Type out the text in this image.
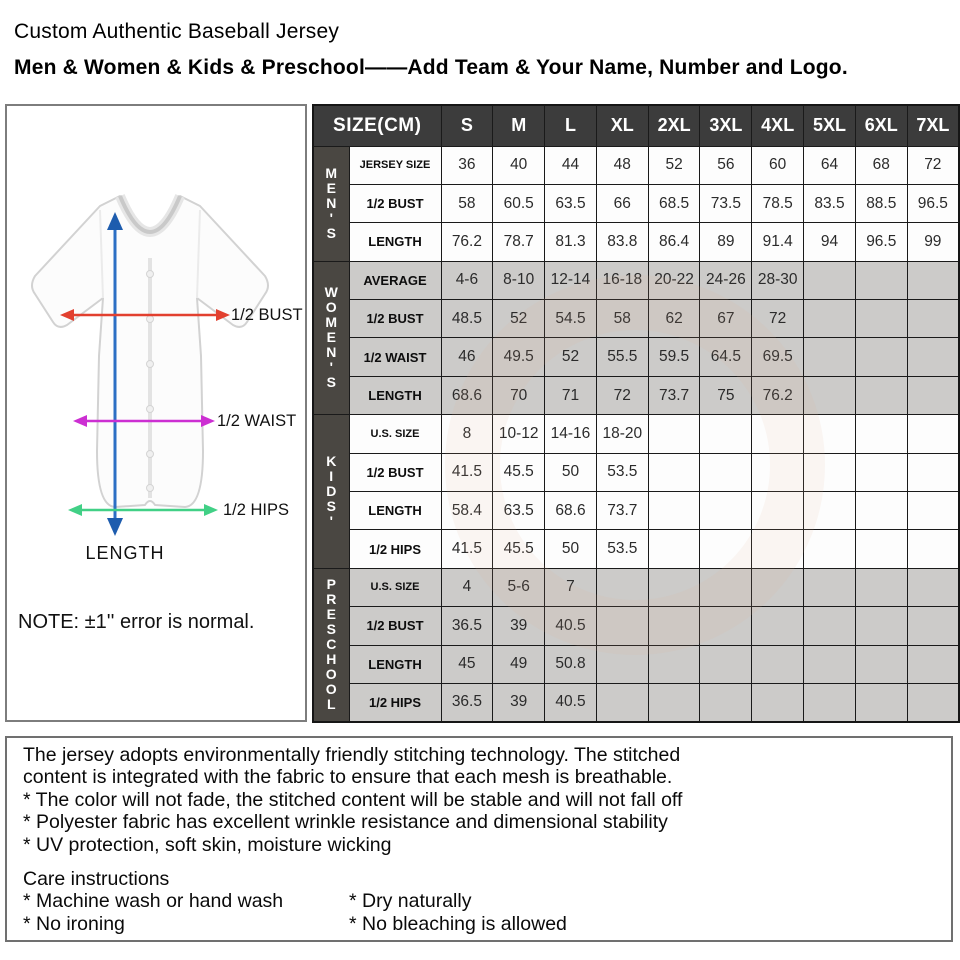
Custom Authentic Baseball Jersey
Men & Women & Kids & Preschool——Add Team & Your Name, Number and Logo.
1/2 BUST
1/2 WAIST
1/2 HIPS
LENGTH
NOTE: ±1'' error is normal.
SIZE(CM)		S	M	L	XL	2XL	3XL	4XL	5XL	6XL	7XL
M
E
N
'
S	JERSEY SIZE	36	40	44	48	52	56	60	64	68	72
	1/2 BUST	58	60.5	63.5	66	68.5	73.5	78.5	83.5	88.5	96.5
	LENGTH	76.2	78.7	81.3	83.8	86.4	89	91.4	94	96.5	99
W
O
M
E
N
'
S	AVERAGE	4-6	8-10	12-14	16-18	20-22	24-26	28-30			
	1/2 BUST	48.5	52	54.5	58	62	67	72			
	1/2 WAIST	46	49.5	52	55.5	59.5	64.5	69.5			
	LENGTH	68.6	70	71	72	73.7	75	76.2			
K
I
D
S
'	U.S. SIZE	8	10-12	14-16	18-20						
	1/2 BUST	41.5	45.5	50	53.5						
	LENGTH	58.4	63.5	68.6	73.7						
	1/2 HIPS	41.5	45.5	50	53.5						
P
R
E
S
C
H
O
O
L	U.S. SIZE	4	5-6	7							
	1/2 BUST	36.5	39	40.5							
	LENGTH	45	49	50.8							
	1/2 HIPS	36.5	39	40.5							
The jersey adopts environmentally friendly stitching technology. The stitched
content is integrated with the fabric to ensure that each mesh is breathable.
* The color will not fade, the stitched content will be stable and will not fall off
* Polyester fabric has excellent wrinkle resistance and dimensional stability
* UV protection, soft skin, moisture wicking
Care instructions
* Machine wash or hand wash	* Dry naturally
* No ironing	* No bleaching is allowed
